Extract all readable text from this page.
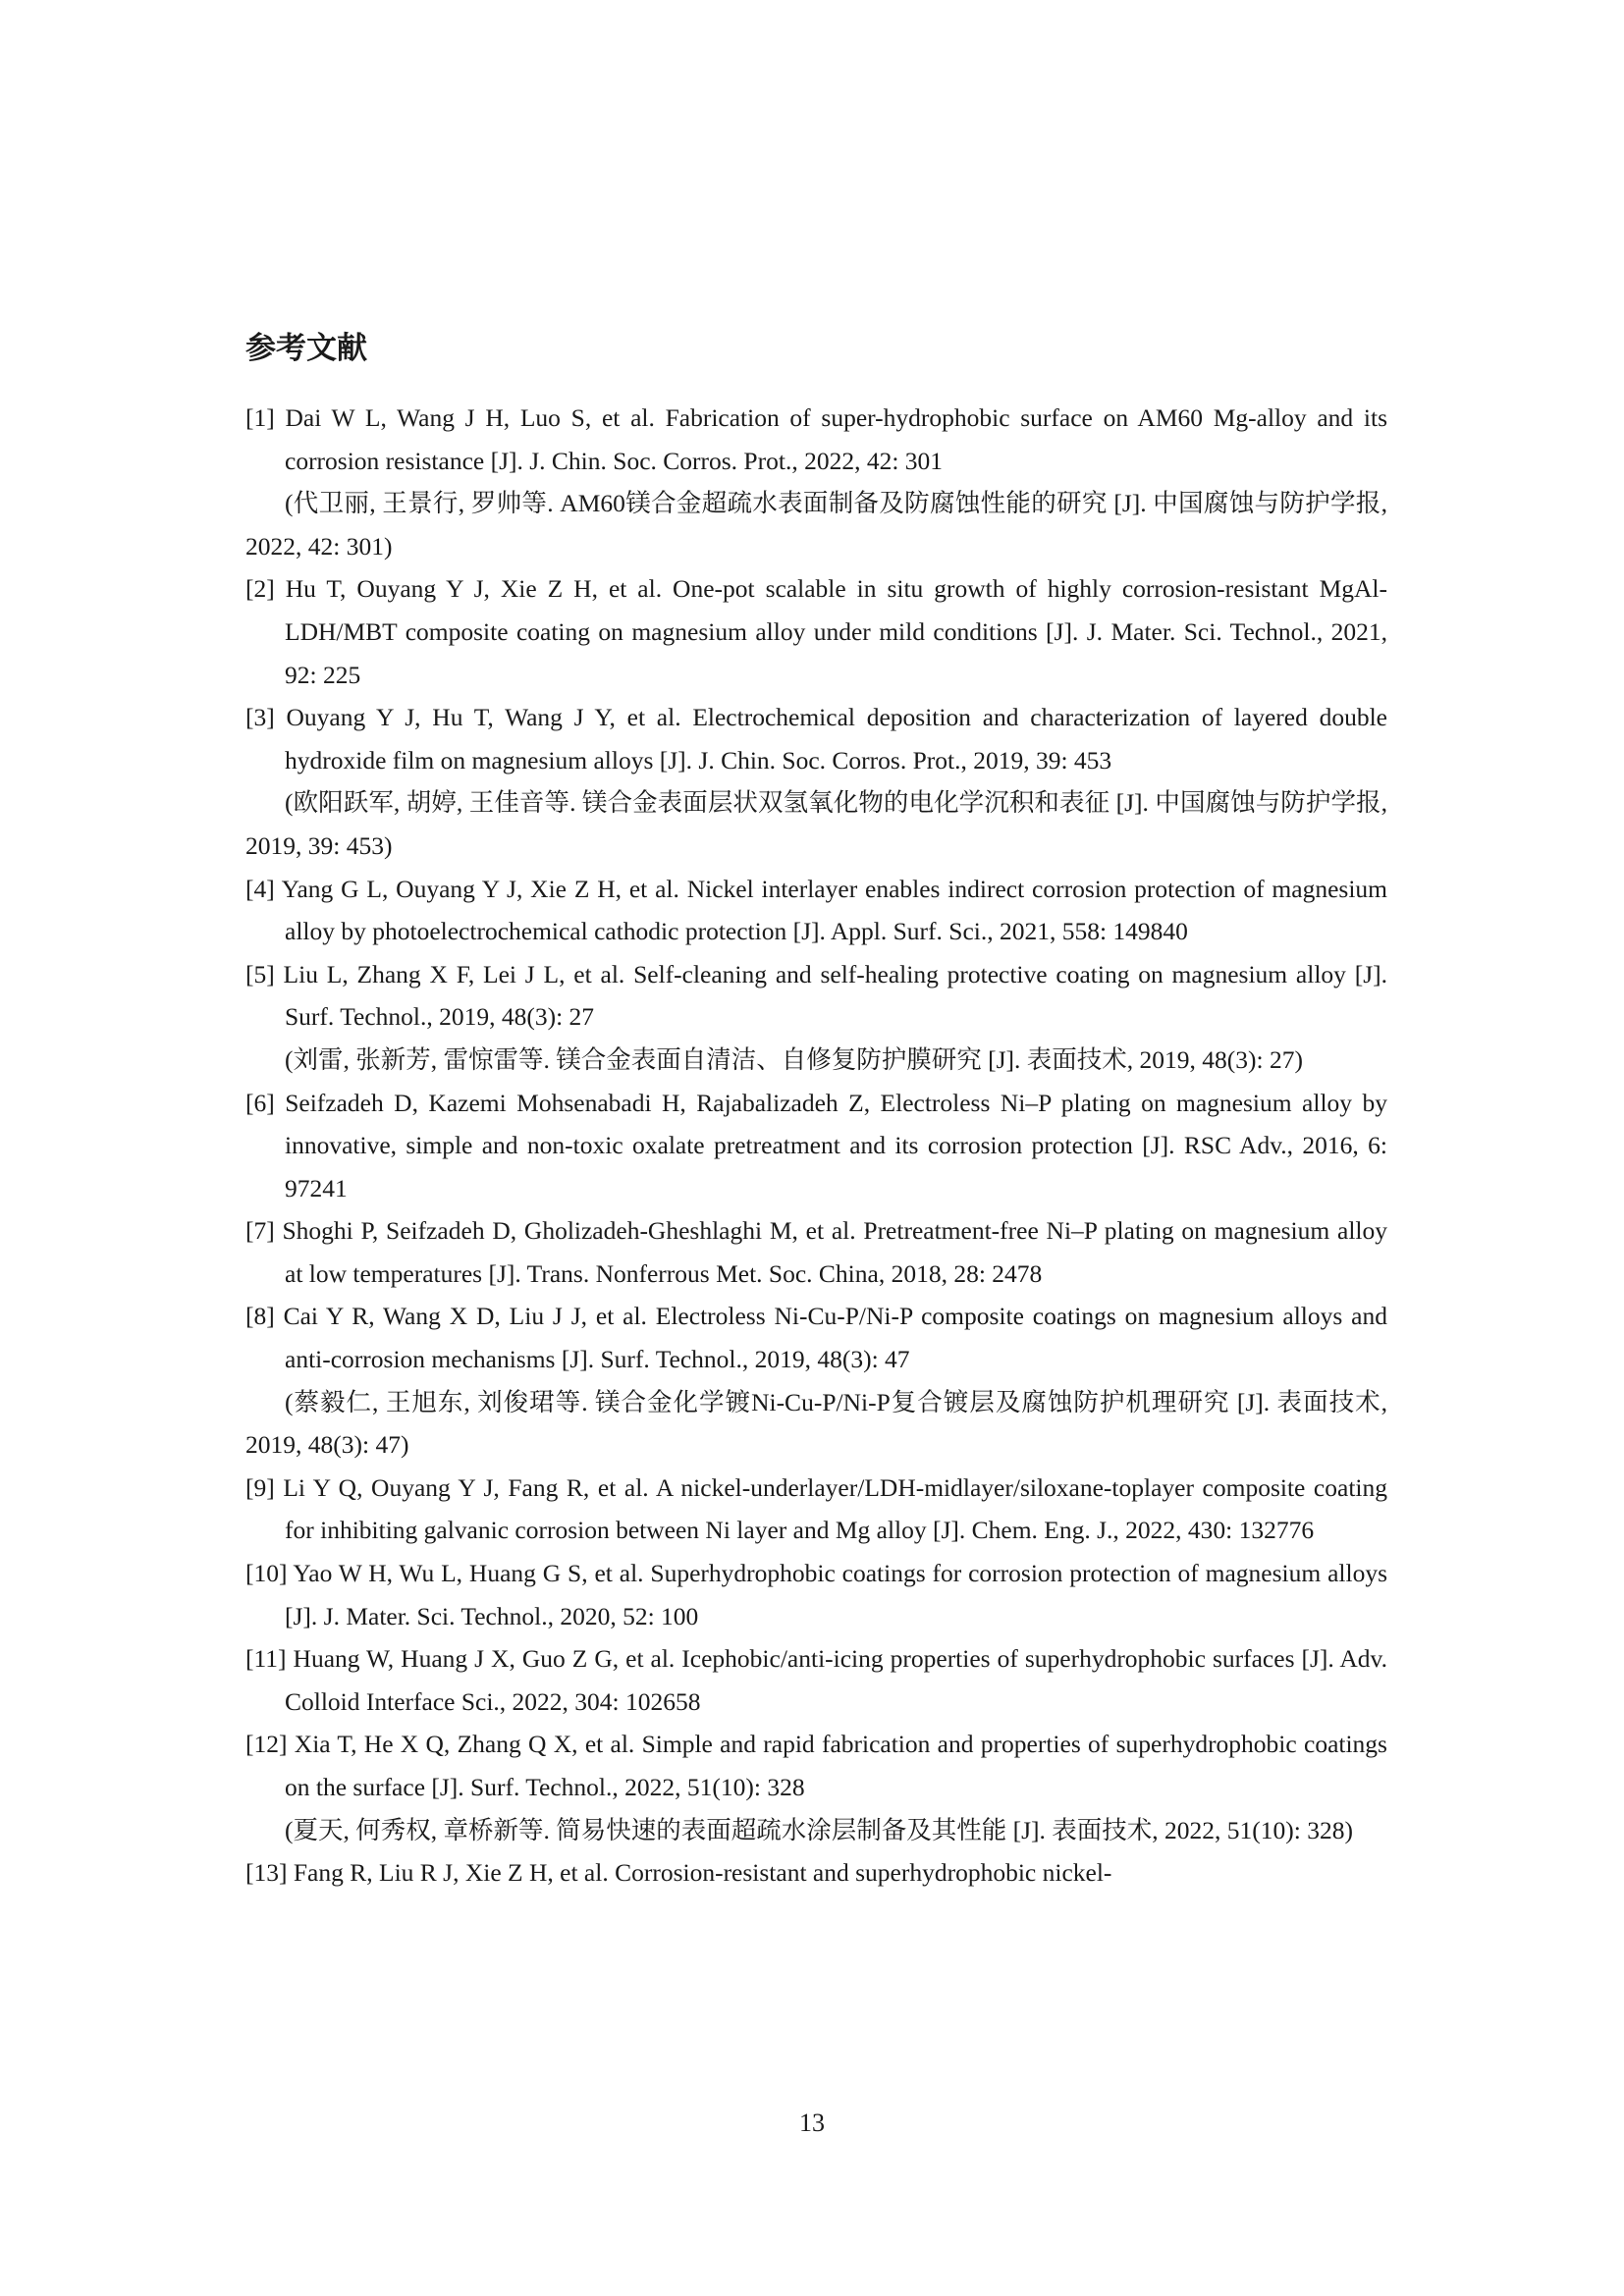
参考文献
[1] Dai W L, Wang J H, Luo S, et al. Fabrication of super-hydrophobic surface on AM60 Mg-alloy and its corrosion resistance [J]. J. Chin. Soc. Corros. Prot., 2022, 42: 301
(代卫丽, 王景行, 罗帅等. AM60镁合金超疏水表面制备及防腐蚀性能的研究 [J]. 中国腐蚀与防护学报, 2022, 42: 301)
[2] Hu T, Ouyang Y J, Xie Z H, et al. One-pot scalable in situ growth of highly corrosion-resistant MgAl-LDH/MBT composite coating on magnesium alloy under mild conditions [J]. J. Mater. Sci. Technol., 2021, 92: 225
[3] Ouyang Y J, Hu T, Wang J Y, et al. Electrochemical deposition and characterization of layered double hydroxide film on magnesium alloys [J]. J. Chin. Soc. Corros. Prot., 2019, 39: 453
(欧阳跃军, 胡婷, 王佳音等. 镁合金表面层状双氢氧化物的电化学沉积和表征 [J]. 中国腐蚀与防护学报, 2019, 39: 453)
[4] Yang G L, Ouyang Y J, Xie Z H, et al. Nickel interlayer enables indirect corrosion protection of magnesium alloy by photoelectrochemical cathodic protection [J]. Appl. Surf. Sci., 2021, 558: 149840
[5] Liu L, Zhang X F, Lei J L, et al. Self-cleaning and self-healing protective coating on magnesium alloy [J]. Surf. Technol., 2019, 48(3): 27
(刘雷, 张新芳, 雷惊雷等. 镁合金表面自清洁、自修复防护膜研究 [J]. 表面技术, 2019, 48(3): 27)
[6] Seifzadeh D, Kazemi Mohsenabadi H, Rajabalizadeh Z, Electroless Ni–P plating on magnesium alloy by innovative, simple and non-toxic oxalate pretreatment and its corrosion protection [J]. RSC Adv., 2016, 6: 97241
[7] Shoghi P, Seifzadeh D, Gholizadeh-Gheshlaghi M, et al. Pretreatment-free Ni–P plating on magnesium alloy at low temperatures [J]. Trans. Nonferrous Met. Soc. China, 2018, 28: 2478
[8] Cai Y R, Wang X D, Liu J J, et al. Electroless Ni-Cu-P/Ni-P composite coatings on magnesium alloys and anti-corrosion mechanisms [J]. Surf. Technol., 2019, 48(3): 47
(蔡毅仁, 王旭东, 刘俊珺等. 镁合金化学镀Ni-Cu-P/Ni-P复合镀层及腐蚀防护机理研究 [J]. 表面技术, 2019, 48(3): 47)
[9] Li Y Q, Ouyang Y J, Fang R, et al. A nickel-underlayer/LDH-midlayer/siloxane-toplayer composite coating for inhibiting galvanic corrosion between Ni layer and Mg alloy [J]. Chem. Eng. J., 2022, 430: 132776
[10] Yao W H, Wu L, Huang G S, et al. Superhydrophobic coatings for corrosion protection of magnesium alloys [J]. J. Mater. Sci. Technol., 2020, 52: 100
[11] Huang W, Huang J X, Guo Z G, et al. Icephobic/anti-icing properties of superhydrophobic surfaces [J]. Adv. Colloid Interface Sci., 2022, 304: 102658
[12] Xia T, He X Q, Zhang Q X, et al. Simple and rapid fabrication and properties of superhydrophobic coatings on the surface [J]. Surf. Technol., 2022, 51(10): 328
(夏天, 何秀权, 章桥新等. 简易快速的表面超疏水涂层制备及其性能 [J]. 表面技术, 2022, 51(10): 328)
[13] Fang R, Liu R J, Xie Z H, et al. Corrosion-resistant and superhydrophobic nickel-
13
